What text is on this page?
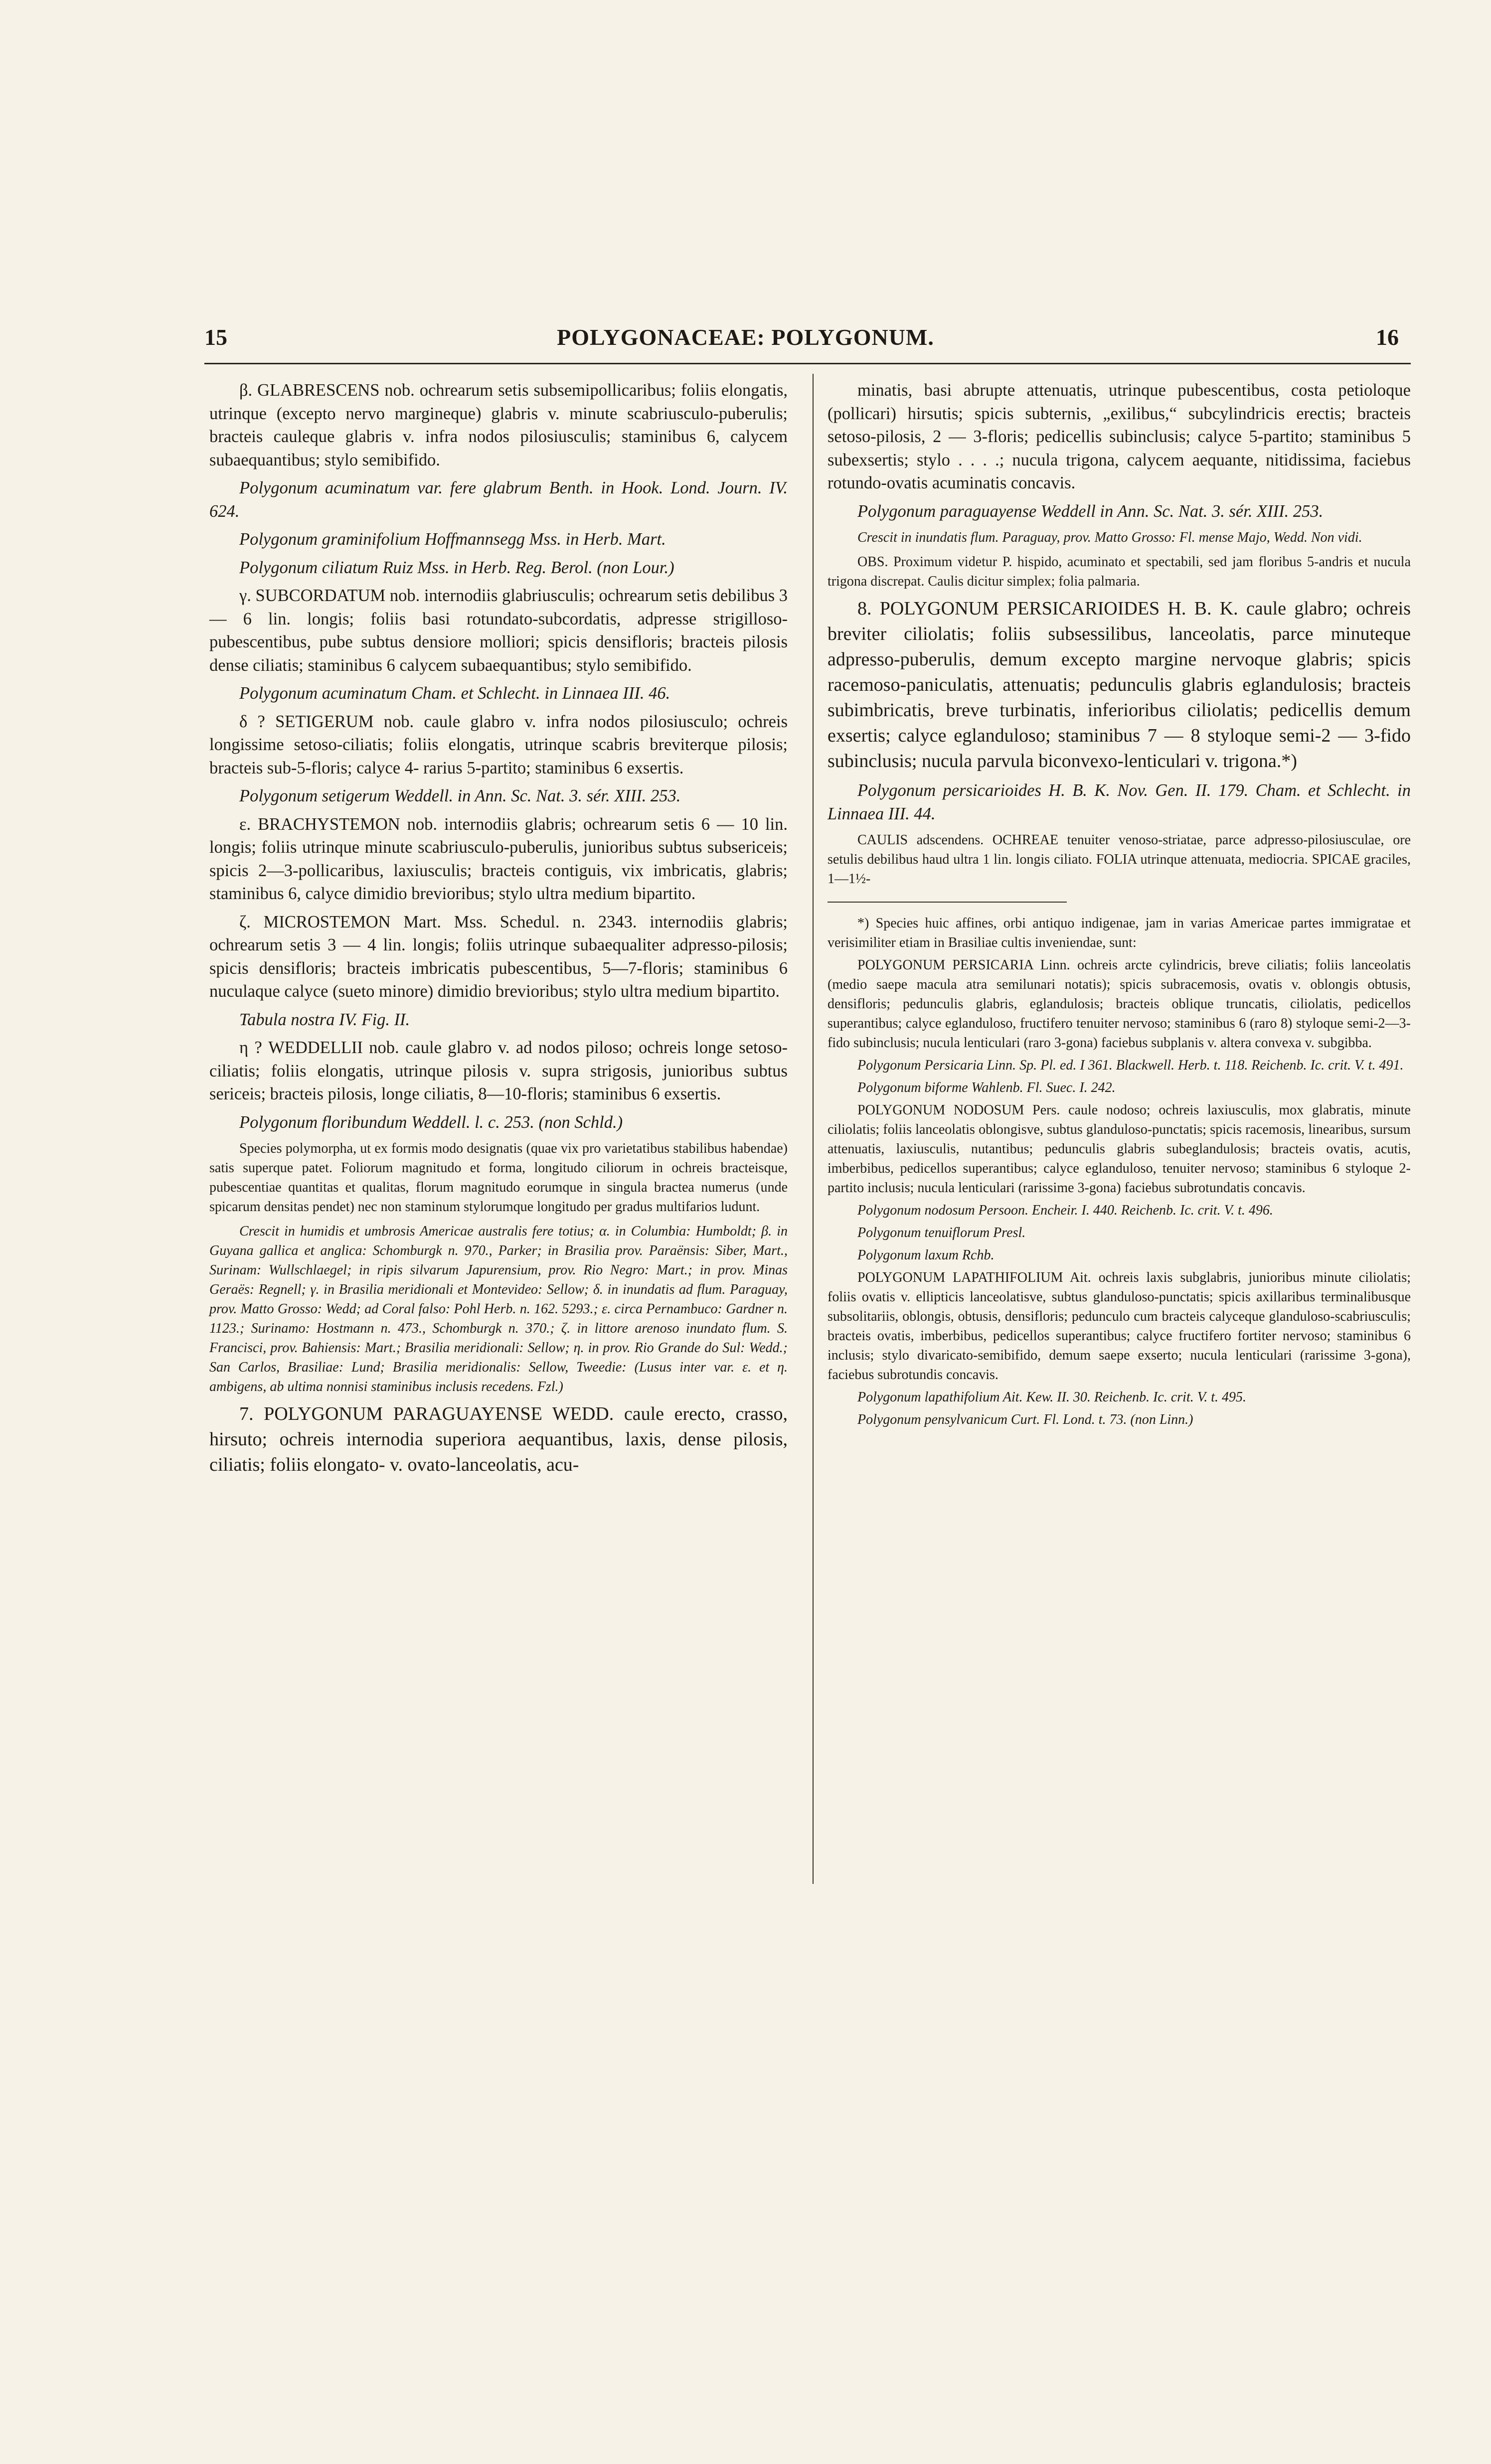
15	POLYGONACEAE: POLYGONUM.	16

β. GLABRESCENS nob. ochrearum setis subsemipollicaribus; foliis elongatis, utrinque (excepto nervo margineque) glabris v. minute scabriusculo-puberulis; bracteis cauleque glabris v. infra nodos pilosiusculis; staminibus 6, calycem subaequantibus; stylo semibifido.

Polygonum acuminatum var. fere glabrum Benth. in Hook. Lond. Journ. IV. 624.

Polygonum graminifolium Hoffmannsegg Mss. in Herb. Mart.

Polygonum ciliatum Ruiz Mss. in Herb. Reg. Berol. (non Lour.)

γ. SUBCORDATUM nob. internodiis glabriusculis; ochrearum setis debilibus 3 — 6 lin. longis; foliis basi rotundato-subcordatis, adpresse strigilloso-pubescentibus, pube subtus densiore molliori; spicis densifloris; bracteis pilosis dense ciliatis; staminibus 6 calycem subaequantibus; stylo semibifido.

Polygonum acuminatum Cham. et Schlecht. in Linnaea III. 46.

δ ? SETIGERUM nob. caule glabro v. infra nodos pilosiusculo; ochreis longissime setoso-ciliatis; foliis elongatis, utrinque scabris breviterque pilosis; bracteis sub-5-floris; calyce 4- rarius 5-partito; staminibus 6 exsertis.

Polygonum setigerum Weddell. in Ann. Sc. Nat. 3. sér. XIII. 253.

ε. BRACHYSTEMON nob. internodiis glabris; ochrearum setis 6 — 10 lin. longis; foliis utrinque minute scabriusculo-puberulis, junioribus subtus subsericeis; spicis 2—3-pollicaribus, laxiusculis; bracteis contiguis, vix imbricatis, glabris; staminibus 6, calyce dimidio brevioribus; stylo ultra medium bipartito.

ζ. MICROSTEMON Mart. Mss. Schedul. n. 2343. internodiis glabris; ochrearum setis 3 — 4 lin. longis; foliis utrinque subaequaliter adpresso-pilosis; spicis densifloris; bracteis imbricatis pubescentibus, 5—7-floris; staminibus 6 nuculaque calyce (sueto minore) dimidio brevioribus; stylo ultra medium bipartito.

Tabula nostra IV. Fig. II.

η ? WEDDELLII nob. caule glabro v. ad nodos piloso; ochreis longe setoso-ciliatis; foliis elongatis, utrinque pilosis v. supra strigosis, junioribus subtus sericeis; bracteis pilosis, longe ciliatis, 8—10-floris; staminibus 6 exsertis.

Polygonum floribundum Weddell. l. c. 253. (non Schld.)

Species polymorpha, ut ex formis modo designatis (quae vix pro varietatibus stabilibus habendae) satis superque patet. Foliorum magnitudo et forma, longitudo ciliorum in ochreis bracteisque, pubescentiae quantitas et qualitas, florum magnitudo eorumque in singula bractea numerus (unde spicarum densitas pendet) nec non staminum stylorumque longitudo per gradus multifarios ludunt.

Crescit in humidis et umbrosis Americae australis fere totius; α. in Columbia: Humboldt; β. in Guyana gallica et anglica: Schomburgk n. 970., Parker; in Brasilia prov. Paraënsis: Siber, Mart., Surinam: Wullschlaegel; in ripis silvarum Japurensium, prov. Rio Negro: Mart.; in prov. Minas Geraës: Regnell; γ. in Brasilia meridionali et Montevideo: Sellow; δ. in inundatis ad flum. Paraguay, prov. Matto Grosso: Wedd; ad Coral falso: Pohl Herb. n. 162. 5293.; ε. circa Pernambuco: Gardner n. 1123.; Surinamo: Hostmann n. 473., Schomburgk n. 370.; ζ. in littore arenoso inundato flum. S. Francisci, prov. Bahiensis: Mart.; Brasilia meridionali: Sellow; η. in prov. Rio Grande do Sul: Wedd.; San Carlos, Brasiliae: Lund; Brasilia meridionalis: Sellow, Tweedie: (Lusus inter var. ε. et η. ambigens, ab ultima nonnisi staminibus inclusis recedens. Fzl.)

7. POLYGONUM PARAGUAYENSE WEDD. caule erecto, crasso, hirsuto; ochreis internodia superiora aequantibus, laxis, dense pilosis, ciliatis; foliis elongato- v. ovato-lanceolatis, acu-

minatis, basi abrupte attenuatis, utrinque pubescentibus, costa petioloque (pollicari) hirsutis; spicis subternis, „exilibus,“ subcylindricis erectis; bracteis setoso-pilosis, 2 — 3-floris; pedicellis subinclusis; calyce 5-partito; staminibus 5 subexsertis; stylo . . . .; nucula trigona, calycem aequante, nitidissima, faciebus rotundo-ovatis acuminatis concavis.

Polygonum paraguayense Weddell in Ann. Sc. Nat. 3. sér. XIII. 253.

Crescit in inundatis flum. Paraguay, prov. Matto Grosso: Fl. mense Majo, Wedd. Non vidi.

OBS. Proximum videtur P. hispido, acuminato et spectabili, sed jam floribus 5-andris et nucula trigona discrepat. Caulis dicitur simplex; folia palmaria.

8. POLYGONUM PERSICARIOIDES H. B. K. caule glabro; ochreis breviter ciliolatis; foliis subsessilibus, lanceolatis, parce minuteque adpresso-puberulis, demum excepto margine nervoque glabris; spicis racemoso-paniculatis, attenuatis; pedunculis glabris eglandulosis; bracteis subimbricatis, breve turbinatis, inferioribus ciliolatis; pedicellis demum exsertis; calyce eglanduloso; staminibus 7 — 8 styloque semi-2 — 3-fido subinclusis; nucula parvula biconvexo-lenticulari v. trigona.*)

Polygonum persicarioides H. B. K. Nov. Gen. II. 179. Cham. et Schlecht. in Linnaea III. 44.

CAULIS adscendens. OCHREAE tenuiter venoso-striatae, parce adpresso-pilosiusculae, ore setulis debilibus haud ultra 1 lin. longis ciliato. FOLIA utrinque attenuata, mediocria. SPICAE graciles, 1—1½-

*) Species huic affines, orbi antiquo indigenae, jam in varias Americae partes immigratae et verisimiliter etiam in Brasiliae cultis inveniendae, sunt:

POLYGONUM PERSICARIA Linn. ochreis arcte cylindricis, breve ciliatis; foliis lanceolatis (medio saepe macula atra semilunari notatis); spicis subracemosis, ovatis v. oblongis obtusis, densifloris; pedunculis glabris, eglandulosis; bracteis oblique truncatis, ciliolatis, pedicellos superantibus; calyce eglanduloso, fructifero tenuiter nervoso; staminibus 6 (raro 8) styloque semi-2—3-fido subinclusis; nucula lenticulari (raro 3-gona) faciebus subplanis v. altera convexa v. subgibba.

Polygonum Persicaria Linn. Sp. Pl. ed. I 361. Blackwell. Herb. t. 118. Reichenb. Ic. crit. V. t. 491.

Polygonum biforme Wahlenb. Fl. Suec. I. 242.

POLYGONUM NODOSUM Pers. caule nodoso; ochreis laxiusculis, mox glabratis, minute ciliolatis; foliis lanceolatis oblongisve, subtus glanduloso-punctatis; spicis racemosis, linearibus, sursum attenuatis, laxiusculis, nutantibus; pedunculis glabris subeglandulosis; bracteis ovatis, acutis, imberbibus, pedicellos superantibus; calyce eglanduloso, tenuiter nervoso; staminibus 6 styloque 2-partito inclusis; nucula lenticulari (rarissime 3-gona) faciebus subrotundatis concavis.

Polygonum nodosum Persoon. Encheir. I. 440. Reichenb. Ic. crit. V. t. 496.

Polygonum tenuiflorum Presl.

Polygonum laxum Rchb.

POLYGONUM LAPATHIFOLIUM Ait. ochreis laxis subglabris, junioribus minute ciliolatis; foliis ovatis v. ellipticis lanceolatisve, subtus glanduloso-punctatis; spicis axillaribus terminalibusque subsolitariis, oblongis, obtusis, densifloris; pedunculo cum bracteis calyceque glanduloso-scabriusculis; bracteis ovatis, imberbibus, pedicellos superantibus; calyce fructifero fortiter nervoso; staminibus 6 inclusis; stylo divaricato-semibifido, demum saepe exserto; nucula lenticulari (rarissime 3-gona), faciebus subrotundis concavis.

Polygonum lapathifolium Ait. Kew. II. 30. Reichenb. Ic. crit. V. t. 495.

Polygonum pensylvanicum Curt. Fl. Lond. t. 73. (non Linn.)
